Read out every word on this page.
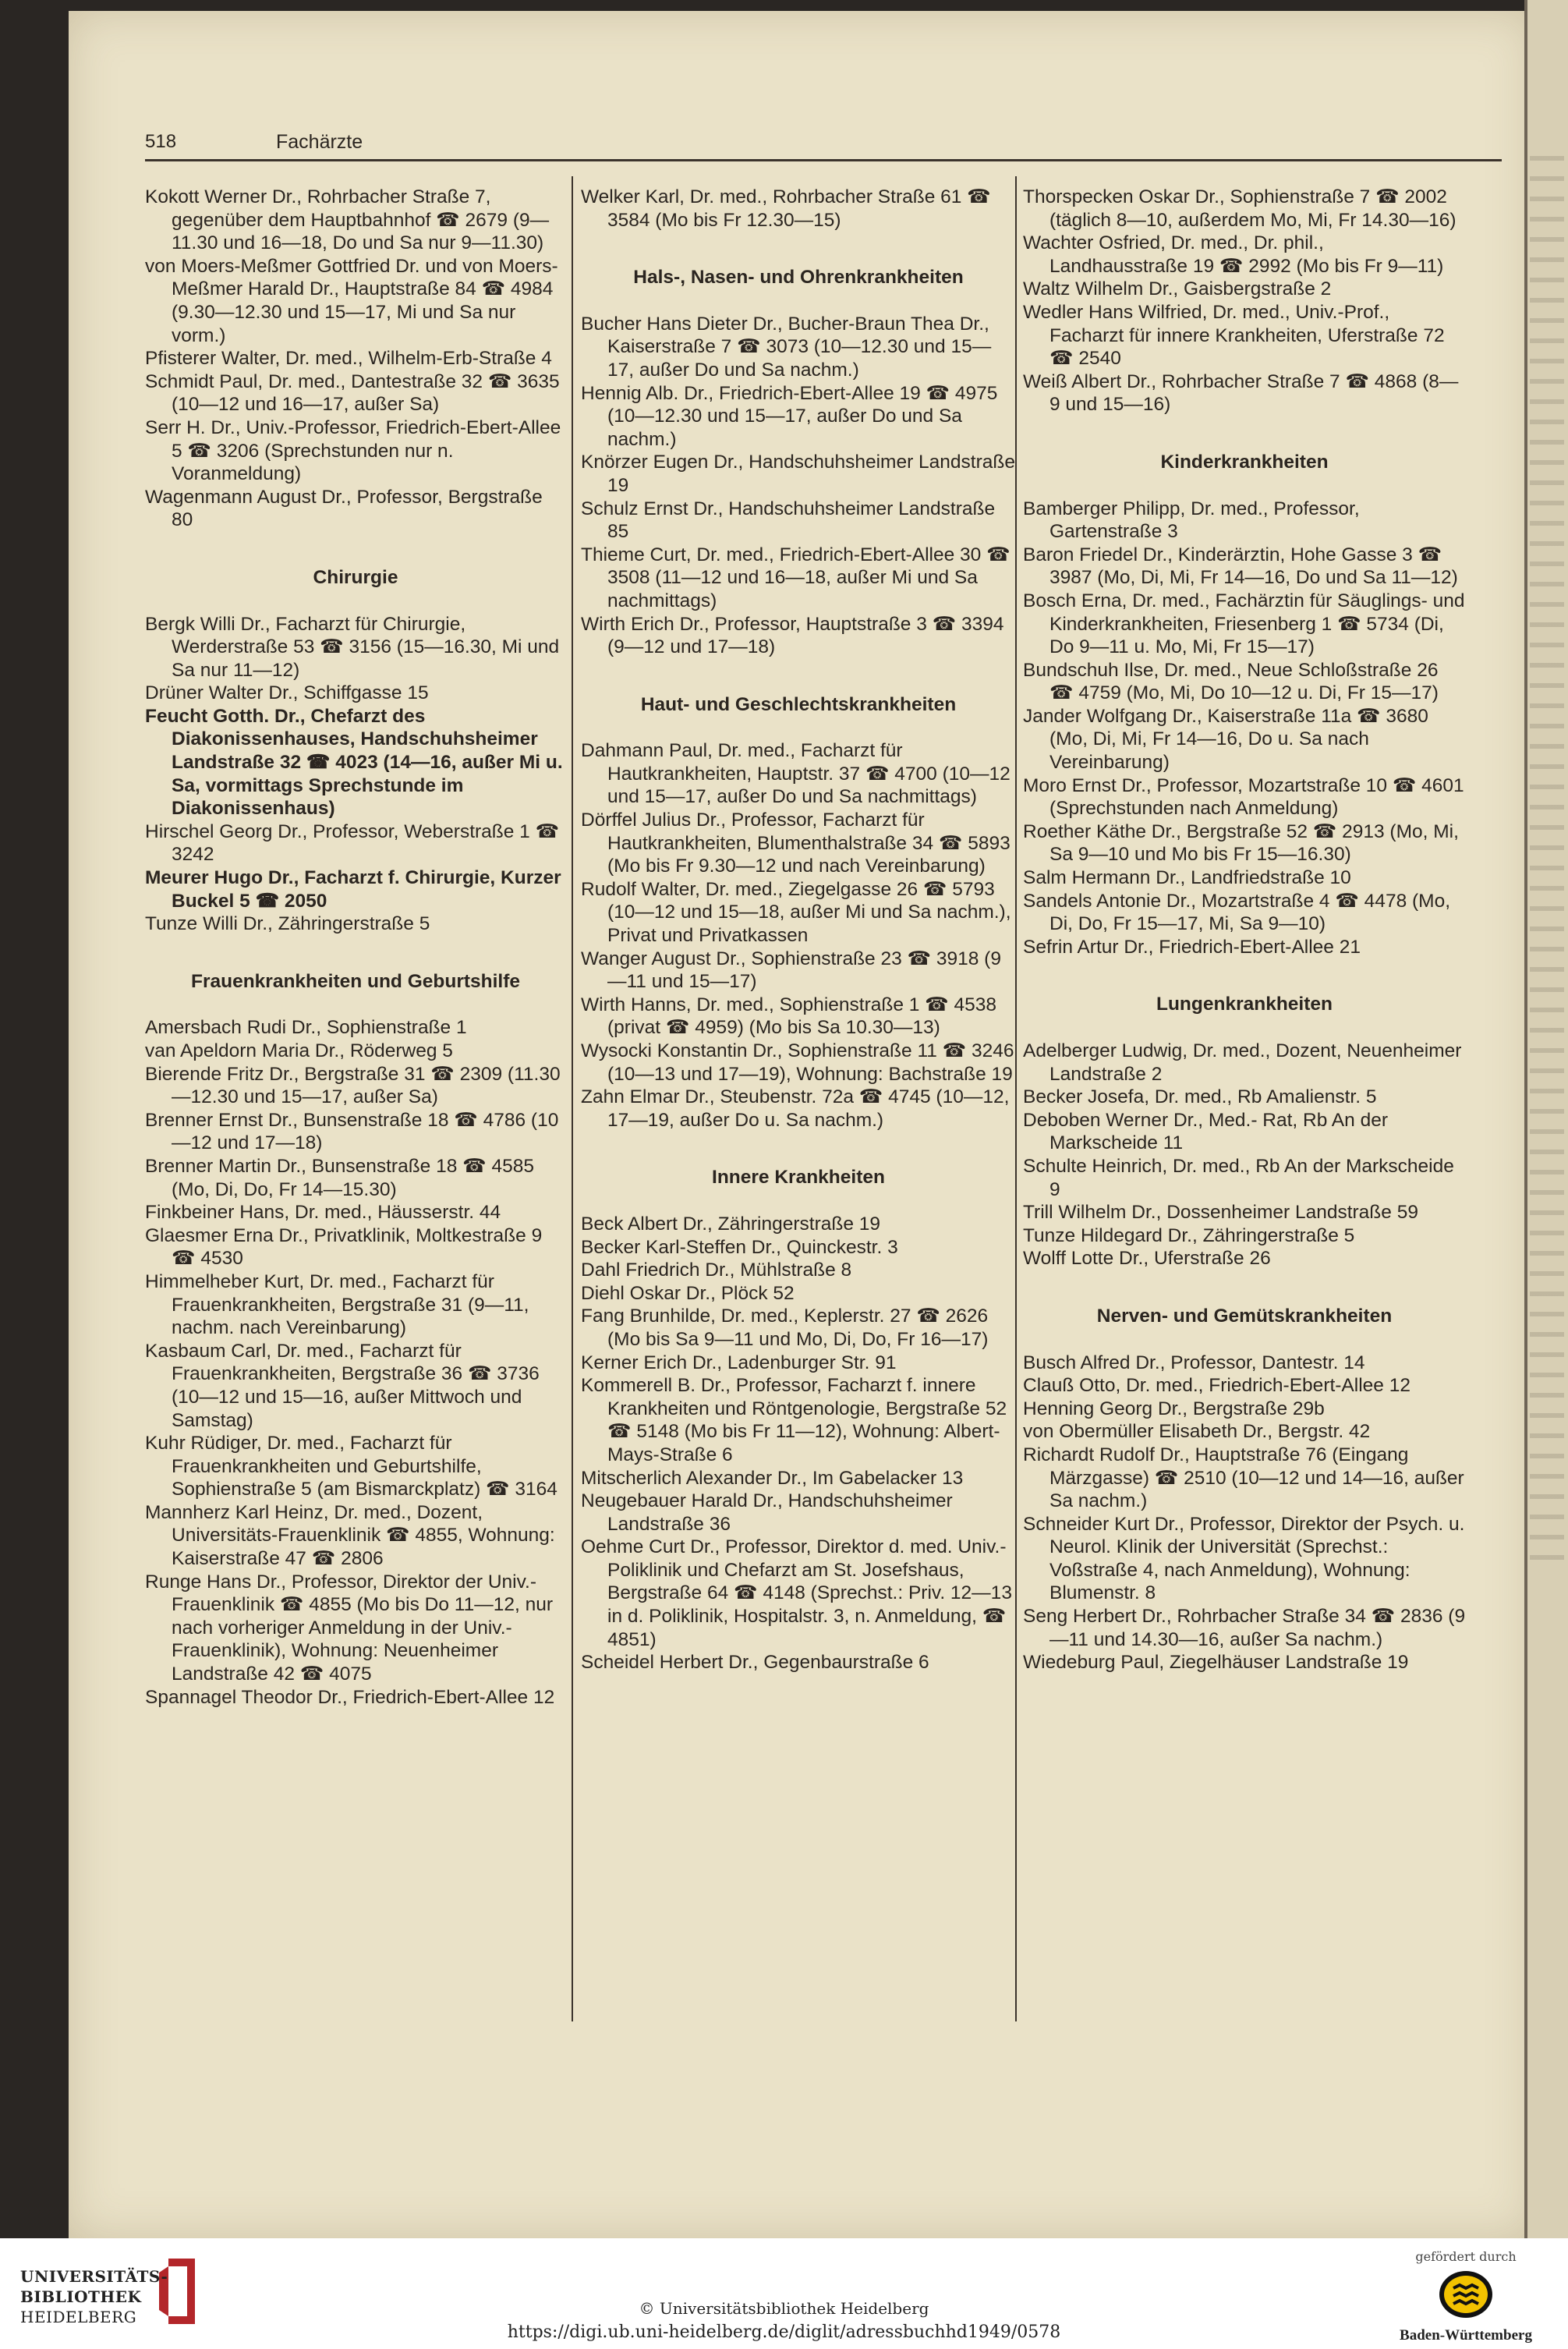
518	Fachärzte

Kokott Werner Dr., Rohrbacher Straße 7, gegenüber dem Hauptbahnhof ☎ 2679 (9—11.30 und 16—18, Do und Sa nur 9—11.30)

von Moers-Meßmer Gottfried Dr. und von Moers-Meßmer Harald Dr., Hauptstraße 84 ☎ 4984 (9.30—12.30 und 15—17, Mi und Sa nur vorm.)

Pfisterer Walter, Dr. med., Wilhelm-Erb-Straße 4

Schmidt Paul, Dr. med., Dantestraße 32 ☎ 3635 (10—12 und 16—17, außer Sa)

Serr H. Dr., Univ.-Professor, Friedrich-Ebert-Allee 5 ☎ 3206 (Sprechstunden nur n. Voranmeldung)

Wagenmann August Dr., Professor, Bergstraße 80

Chirurgie

Bergk Willi Dr., Facharzt für Chirurgie, Werderstraße 53 ☎ 3156 (15—16.30, Mi und Sa nur 11—12)

Drüner Walter Dr., Schiffgasse 15

Feucht Gotth. Dr., Chefarzt des Diakonissenhauses, Handschuhsheimer Landstraße 32 ☎ 4023 (14—16, außer Mi u. Sa, vormittags Sprechstunde im Diakonissenhaus)

Hirschel Georg Dr., Professor, Weberstraße 1 ☎ 3242

Meurer Hugo Dr., Facharzt f. Chirurgie, Kurzer Buckel 5 ☎ 2050

Tunze Willi Dr., Zähringerstraße 5

Frauenkrankheiten und Geburtshilfe

Amersbach Rudi Dr., Sophienstraße 1

van Apeldorn Maria Dr., Röderweg 5

Bierende Fritz Dr., Bergstraße 31 ☎ 2309 (11.30—12.30 und 15—17, außer Sa)

Brenner Ernst Dr., Bunsenstraße 18 ☎ 4786 (10—12 und 17—18)

Brenner Martin Dr., Bunsenstraße 18 ☎ 4585 (Mo, Di, Do, Fr 14—15.30)

Finkbeiner Hans, Dr. med., Häusserstr. 44

Glaesmer Erna Dr., Privatklinik, Moltkestraße 9 ☎ 4530

Himmelheber Kurt, Dr. med., Facharzt für Frauenkrankheiten, Bergstraße 31 (9—11, nachm. nach Vereinbarung)

Kasbaum Carl, Dr. med., Facharzt für Frauenkrankheiten, Bergstraße 36 ☎ 3736 (10—12 und 15—16, außer Mittwoch und Samstag)

Kuhr Rüdiger, Dr. med., Facharzt für Frauenkrankheiten und Geburtshilfe, Sophienstraße 5 (am Bismarckplatz) ☎ 3164

Mannherz Karl Heinz, Dr. med., Dozent, Universitäts-Frauenklinik ☎ 4855, Wohnung: Kaiserstraße 47 ☎ 2806

Runge Hans Dr., Professor, Direktor der Univ.-Frauenklinik ☎ 4855 (Mo bis Do 11—12, nur nach vorheriger Anmeldung in der Univ.-Frauenklinik), Wohnung: Neuenheimer Landstraße 42 ☎ 4075

Spannagel Theodor Dr., Friedrich-Ebert-Allee 12

Welker Karl, Dr. med., Rohrbacher Straße 61 ☎ 3584 (Mo bis Fr 12.30—15)

Hals-, Nasen- und Ohrenkrankheiten

Bucher Hans Dieter Dr., Bucher-Braun Thea Dr., Kaiserstraße 7 ☎ 3073 (10—12.30 und 15—17, außer Do und Sa nachm.)

Hennig Alb. Dr., Friedrich-Ebert-Allee 19 ☎ 4975 (10—12.30 und 15—17, außer Do und Sa nachm.)

Knörzer Eugen Dr., Handschuhsheimer Landstraße 19

Schulz Ernst Dr., Handschuhsheimer Landstraße 85

Thieme Curt, Dr. med., Friedrich-Ebert-Allee 30 ☎ 3508 (11—12 und 16—18, außer Mi und Sa nachmittags)

Wirth Erich Dr., Professor, Hauptstraße 3 ☎ 3394 (9—12 und 17—18)

Haut- und Geschlechtskrankheiten

Dahmann Paul, Dr. med., Facharzt für Hautkrankheiten, Hauptstr. 37 ☎ 4700 (10—12 und 15—17, außer Do und Sa nachmittags)

Dörffel Julius Dr., Professor, Facharzt für Hautkrankheiten, Blumenthalstraße 34 ☎ 5893 (Mo bis Fr 9.30—12 und nach Vereinbarung)

Rudolf Walter, Dr. med., Ziegelgasse 26 ☎ 5793 (10—12 und 15—18, außer Mi und Sa nachm.), Privat und Privatkassen

Wanger August Dr., Sophienstraße 23 ☎ 3918 (9—11 und 15—17)

Wirth Hanns, Dr. med., Sophienstraße 1 ☎ 4538 (privat ☎ 4959) (Mo bis Sa 10.30—13)

Wysocki Konstantin Dr., Sophienstraße 11 ☎ 3246 (10—13 und 17—19), Wohnung: Bachstraße 19

Zahn Elmar Dr., Steubenstr. 72a ☎ 4745 (10—12, 17—19, außer Do u. Sa nachm.)

Innere Krankheiten

Beck Albert Dr., Zähringerstraße 19

Becker Karl-Steffen Dr., Quinckestr. 3

Dahl Friedrich Dr., Mühlstraße 8

Diehl Oskar Dr., Plöck 52

Fang Brunhilde, Dr. med., Keplerstr. 27 ☎ 2626 (Mo bis Sa 9—11 und Mo, Di, Do, Fr 16—17)

Kerner Erich Dr., Ladenburger Str. 91

Kommerell B. Dr., Professor, Facharzt f. innere Krankheiten und Röntgenologie, Bergstraße 52 ☎ 5148 (Mo bis Fr 11—12), Wohnung: Albert-Mays-Straße 6

Mitscherlich Alexander Dr., Im Gabelacker 13

Neugebauer Harald Dr., Handschuhsheimer Landstraße 36

Oehme Curt Dr., Professor, Direktor d. med. Univ.-Poliklinik und Chefarzt am St. Josefshaus, Bergstraße 64 ☎ 4148 (Sprechst.: Priv. 12—13 in d. Poliklinik, Hospitalstr. 3, n. Anmeldung, ☎ 4851)

Scheidel Herbert Dr., Gegenbaurstraße 6

Thorspecken Oskar Dr., Sophienstraße 7 ☎ 2002 (täglich 8—10, außerdem Mo, Mi, Fr 14.30—16)

Wachter Osfried, Dr. med., Dr. phil., Landhausstraße 19 ☎ 2992 (Mo bis Fr 9—11)

Waltz Wilhelm Dr., Gaisbergstraße 2

Wedler Hans Wilfried, Dr. med., Univ.-Prof., Facharzt für innere Krankheiten, Uferstraße 72 ☎ 2540

Weiß Albert Dr., Rohrbacher Straße 7 ☎ 4868 (8—9 und 15—16)

Kinderkrankheiten

Bamberger Philipp, Dr. med., Professor, Gartenstraße 3

Baron Friedel Dr., Kinderärztin, Hohe Gasse 3 ☎ 3987 (Mo, Di, Mi, Fr 14—16, Do und Sa 11—12)

Bosch Erna, Dr. med., Fachärztin für Säuglings- und Kinderkrankheiten, Friesenberg 1 ☎ 5734 (Di, Do 9—11 u. Mo, Mi, Fr 15—17)

Bundschuh Ilse, Dr. med., Neue Schloßstraße 26 ☎ 4759 (Mo, Mi, Do 10—12 u. Di, Fr 15—17)

Jander Wolfgang Dr., Kaiserstraße 11a ☎ 3680 (Mo, Di, Mi, Fr 14—16, Do u. Sa nach Vereinbarung)

Moro Ernst Dr., Professor, Mozartstraße 10 ☎ 4601 (Sprechstunden nach Anmeldung)

Roether Käthe Dr., Bergstraße 52 ☎ 2913 (Mo, Mi, Sa 9—10 und Mo bis Fr 15—16.30)

Salm Hermann Dr., Landfriedstraße 10

Sandels Antonie Dr., Mozartstraße 4 ☎ 4478 (Mo, Di, Do, Fr 15—17, Mi, Sa 9—10)

Sefrin Artur Dr., Friedrich-Ebert-Allee 21

Lungenkrankheiten

Adelberger Ludwig, Dr. med., Dozent, Neuenheimer Landstraße 2

Becker Josefa, Dr. med., Rb Amalienstr. 5

Deboben Werner Dr., Med.- Rat, Rb An der Markscheide 11

Schulte Heinrich, Dr. med., Rb An der Markscheide 9

Trill Wilhelm Dr., Dossenheimer Landstraße 59

Tunze Hildegard Dr., Zähringerstraße 5

Wolff Lotte Dr., Uferstraße 26

Nerven- und Gemütskrankheiten

Busch Alfred Dr., Professor, Dantestr. 14

Clauß Otto, Dr. med., Friedrich-Ebert-Allee 12

Henning Georg Dr., Bergstraße 29b

von Obermüller Elisabeth Dr., Bergstr. 42

Richardt Rudolf Dr., Hauptstraße 76 (Eingang Märzgasse) ☎ 2510 (10—12 und 14—16, außer Sa nachm.)

Schneider Kurt Dr., Professor, Direktor der Psych. u. Neurol. Klinik der Universität (Sprechst.: Voßstraße 4, nach Anmeldung), Wohnung: Blumenstr. 8

Seng Herbert Dr., Rohrbacher Straße 34 ☎ 2836 (9—11 und 14.30—16, außer Sa nachm.)

Wiedeburg Paul, Ziegelhäuser Landstraße 19

UNIVERSITÄTS-
BIBLIOTHEK
HEIDELBERG	© Universitätsbibliothek Heidelberg
https://digi.ub.uni-heidelberg.de/diglit/adressbuchhd1949/0578
gefördert durch
Baden-Württemberg
